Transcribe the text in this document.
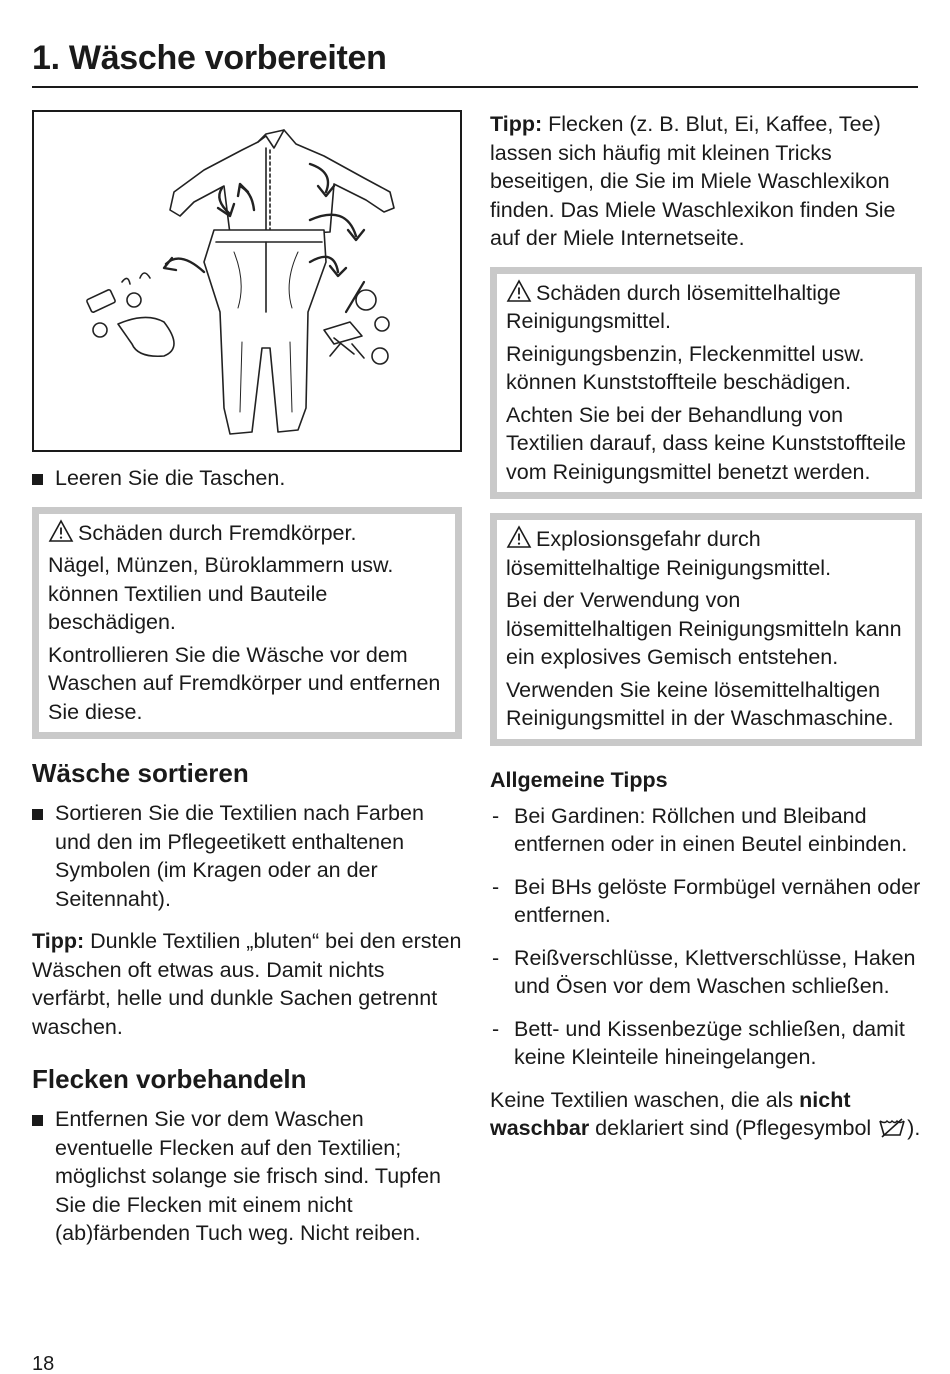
1. Wäsche vorbereiten
Leeren Sie die Taschen.

Schäden durch Fremdkörper.

Nägel, Münzen, Büroklammern usw. können Textilien und Bauteile beschädigen.

Kontrollieren Sie die Wäsche vor dem Waschen auf Fremdkörper und entfernen Sie diese.

Wäsche sortieren
Sortieren Sie die Textilien nach Farben und den im Pflegeetikett enthaltenen Symbolen (im Kragen oder an der Seitennaht).

Tipp: Dunkle Textilien „bluten“ bei den ersten Wäschen oft etwas aus. Damit nichts verfärbt, helle und dunkle Sachen getrennt waschen.

Flecken vorbehandeln
Entfernen Sie vor dem Waschen eventuelle Flecken auf den Textilien; möglichst solange sie frisch sind. Tupfen Sie die Flecken mit einem nicht (ab)färbenden Tuch weg. Nicht reiben.

Tipp: Flecken (z. B. Blut, Ei, Kaffee, Tee) lassen sich häufig mit kleinen Tricks beseitigen, die Sie im Miele Waschlexikon finden. Das Miele Waschlexikon finden Sie auf der Miele Internetseite.

Schäden durch lösemittelhaltige Reinigungsmittel.

Reinigungsbenzin, Fleckenmittel usw. können Kunststoffteile beschädigen.

Achten Sie bei der Behandlung von Textilien darauf, dass keine Kunststoffteile vom Reinigungsmittel benetzt werden.

Explosionsgefahr durch lösemittelhaltige Reinigungsmittel.

Bei der Verwendung von lösemittelhaltigen Reinigungsmitteln kann ein explosives Gemisch entstehen.

Verwenden Sie keine lösemittelhaltigen Reinigungsmittel in der Waschmaschine.

Allgemeine Tipps
- Bei Gardinen: Röllchen und Bleiband entfernen oder in einen Beutel einbinden.
- Bei BHs gelöste Formbügel vernähen oder entfernen.
- Reißverschlüsse, Klettverschlüsse, Haken und Ösen vor dem Waschen schließen.
- Bett- und Kissenbezüge schließen, damit keine Kleinteile hineingelangen.

Keine Textilien waschen, die als nicht waschbar deklariert sind (Pflegesymbol ).

18
